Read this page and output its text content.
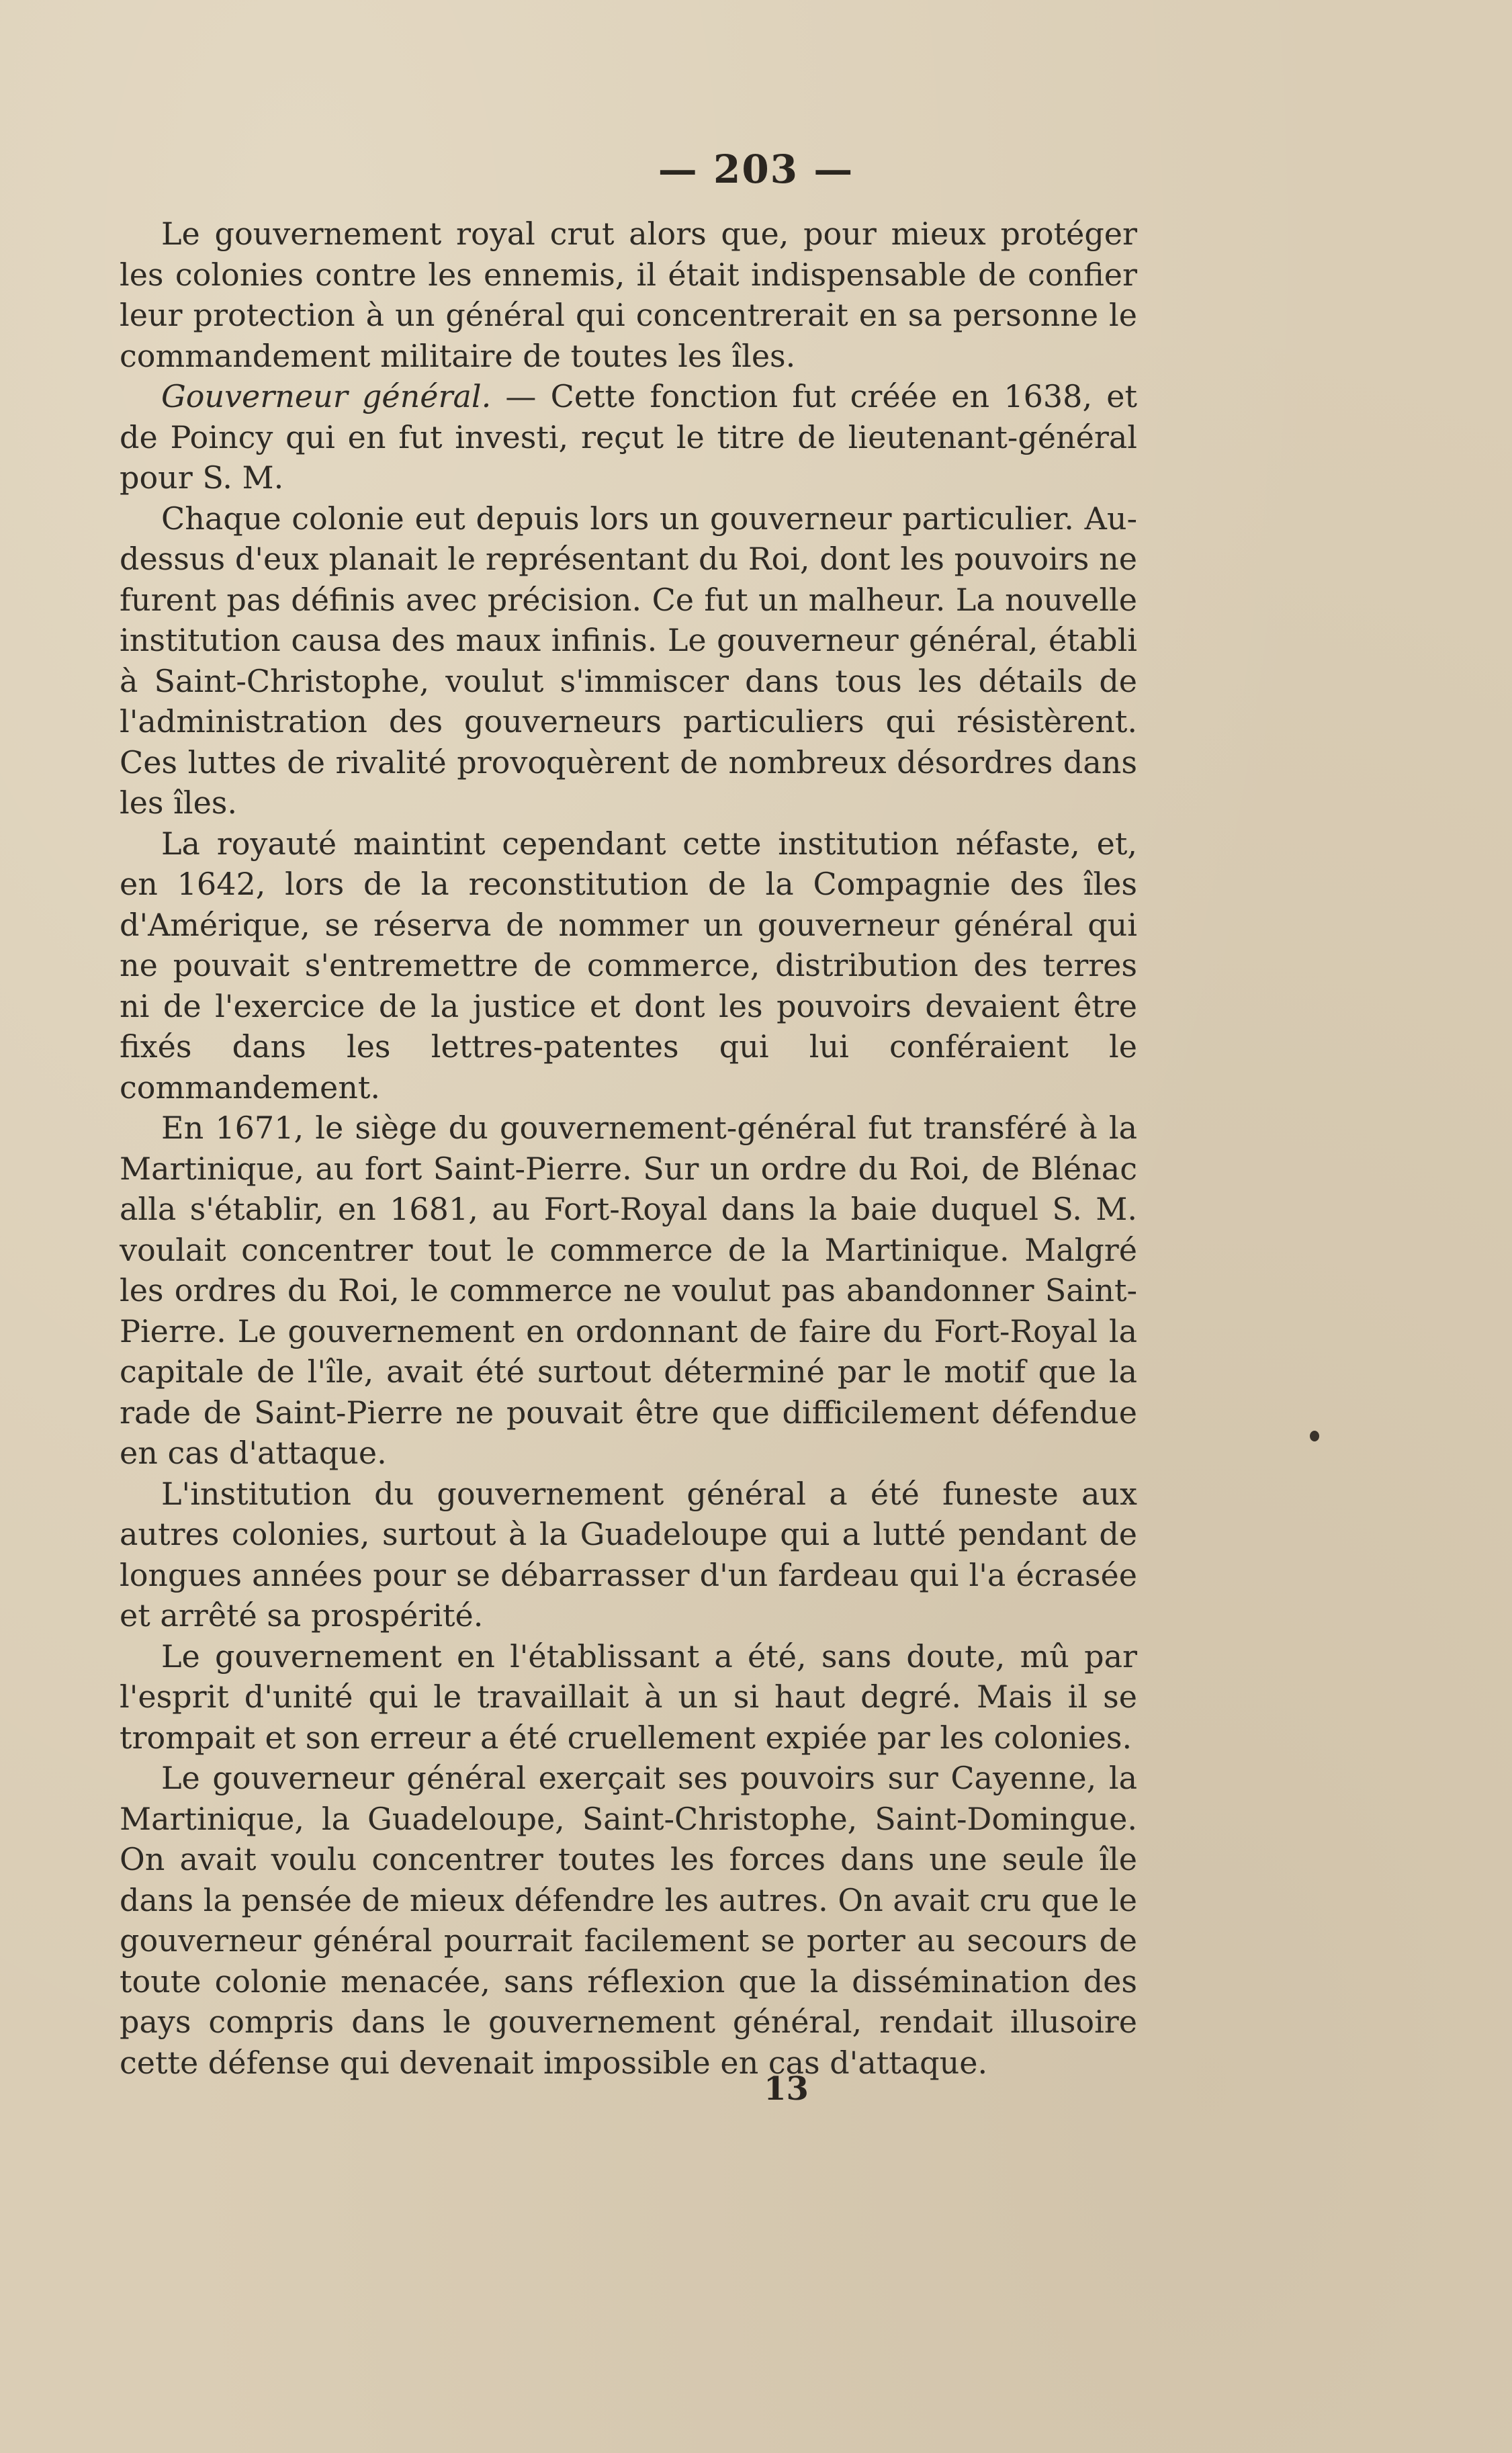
— 203 —

Le gouvernement royal crut alors que, pour mieux protéger les colonies contre les ennemis, il était indispensable de confier leur protection à un général qui concentrerait en sa personne le commandement militaire de toutes les îles.

Gouverneur général. — Cette fonction fut créée en 1638, et de Poincy qui en fut investi, reçut le titre de lieutenant-général pour S. M.

Chaque colonie eut depuis lors un gouverneur particulier. Au-dessus d'eux planait le représentant du Roi, dont les pouvoirs ne furent pas définis avec précision. Ce fut un malheur. La nouvelle institution causa des maux infinis. Le gouverneur général, établi à Saint-Christophe, voulut s'immiscer dans tous les détails de l'administration des gouverneurs particuliers qui résistèrent. Ces luttes de rivalité provoquèrent de nombreux désordres dans les îles.

La royauté maintint cependant cette institution néfaste, et, en 1642, lors de la reconstitution de la Compagnie des îles d'Amérique, se réserva de nommer un gouverneur général qui ne pouvait s'entremettre de commerce, distribution des terres ni de l'exercice de la justice et dont les pouvoirs devaient être fixés dans les lettres-patentes qui lui conféraient le commandement.

En 1671, le siège du gouvernement-général fut transféré à la Martinique, au fort Saint-Pierre. Sur un ordre du Roi, de Blénac alla s'établir, en 1681, au Fort-Royal dans la baie duquel S. M. voulait concentrer tout le commerce de la Martinique. Malgré les ordres du Roi, le commerce ne voulut pas abandonner Saint-Pierre. Le gouvernement en ordonnant de faire du Fort-Royal la capitale de l'île, avait été surtout déterminé par le motif que la rade de Saint-Pierre ne pouvait être que difficilement défendue en cas d'attaque.

L'institution du gouvernement général a été funeste aux autres colonies, surtout à la Guadeloupe qui a lutté pendant de longues années pour se débarrasser d'un fardeau qui l'a écrasée et arrêté sa prospérité.

Le gouvernement en l'établissant a été, sans doute, mû par l'esprit d'unité qui le travaillait à un si haut degré. Mais il se trompait et son erreur a été cruellement expiée par les colonies.

Le gouverneur général exerçait ses pouvoirs sur Cayenne, la Martinique, la Guadeloupe, Saint-Christophe, Saint-Domingue. On avait voulu concentrer toutes les forces dans une seule île dans la pensée de mieux défendre les autres. On avait cru que le gouverneur général pourrait facilement se porter au secours de toute colonie menacée, sans réflexion que la dissémination des pays compris dans le gouvernement général, rendait illusoire cette défense qui devenait impossible en cas d'attaque.

13
